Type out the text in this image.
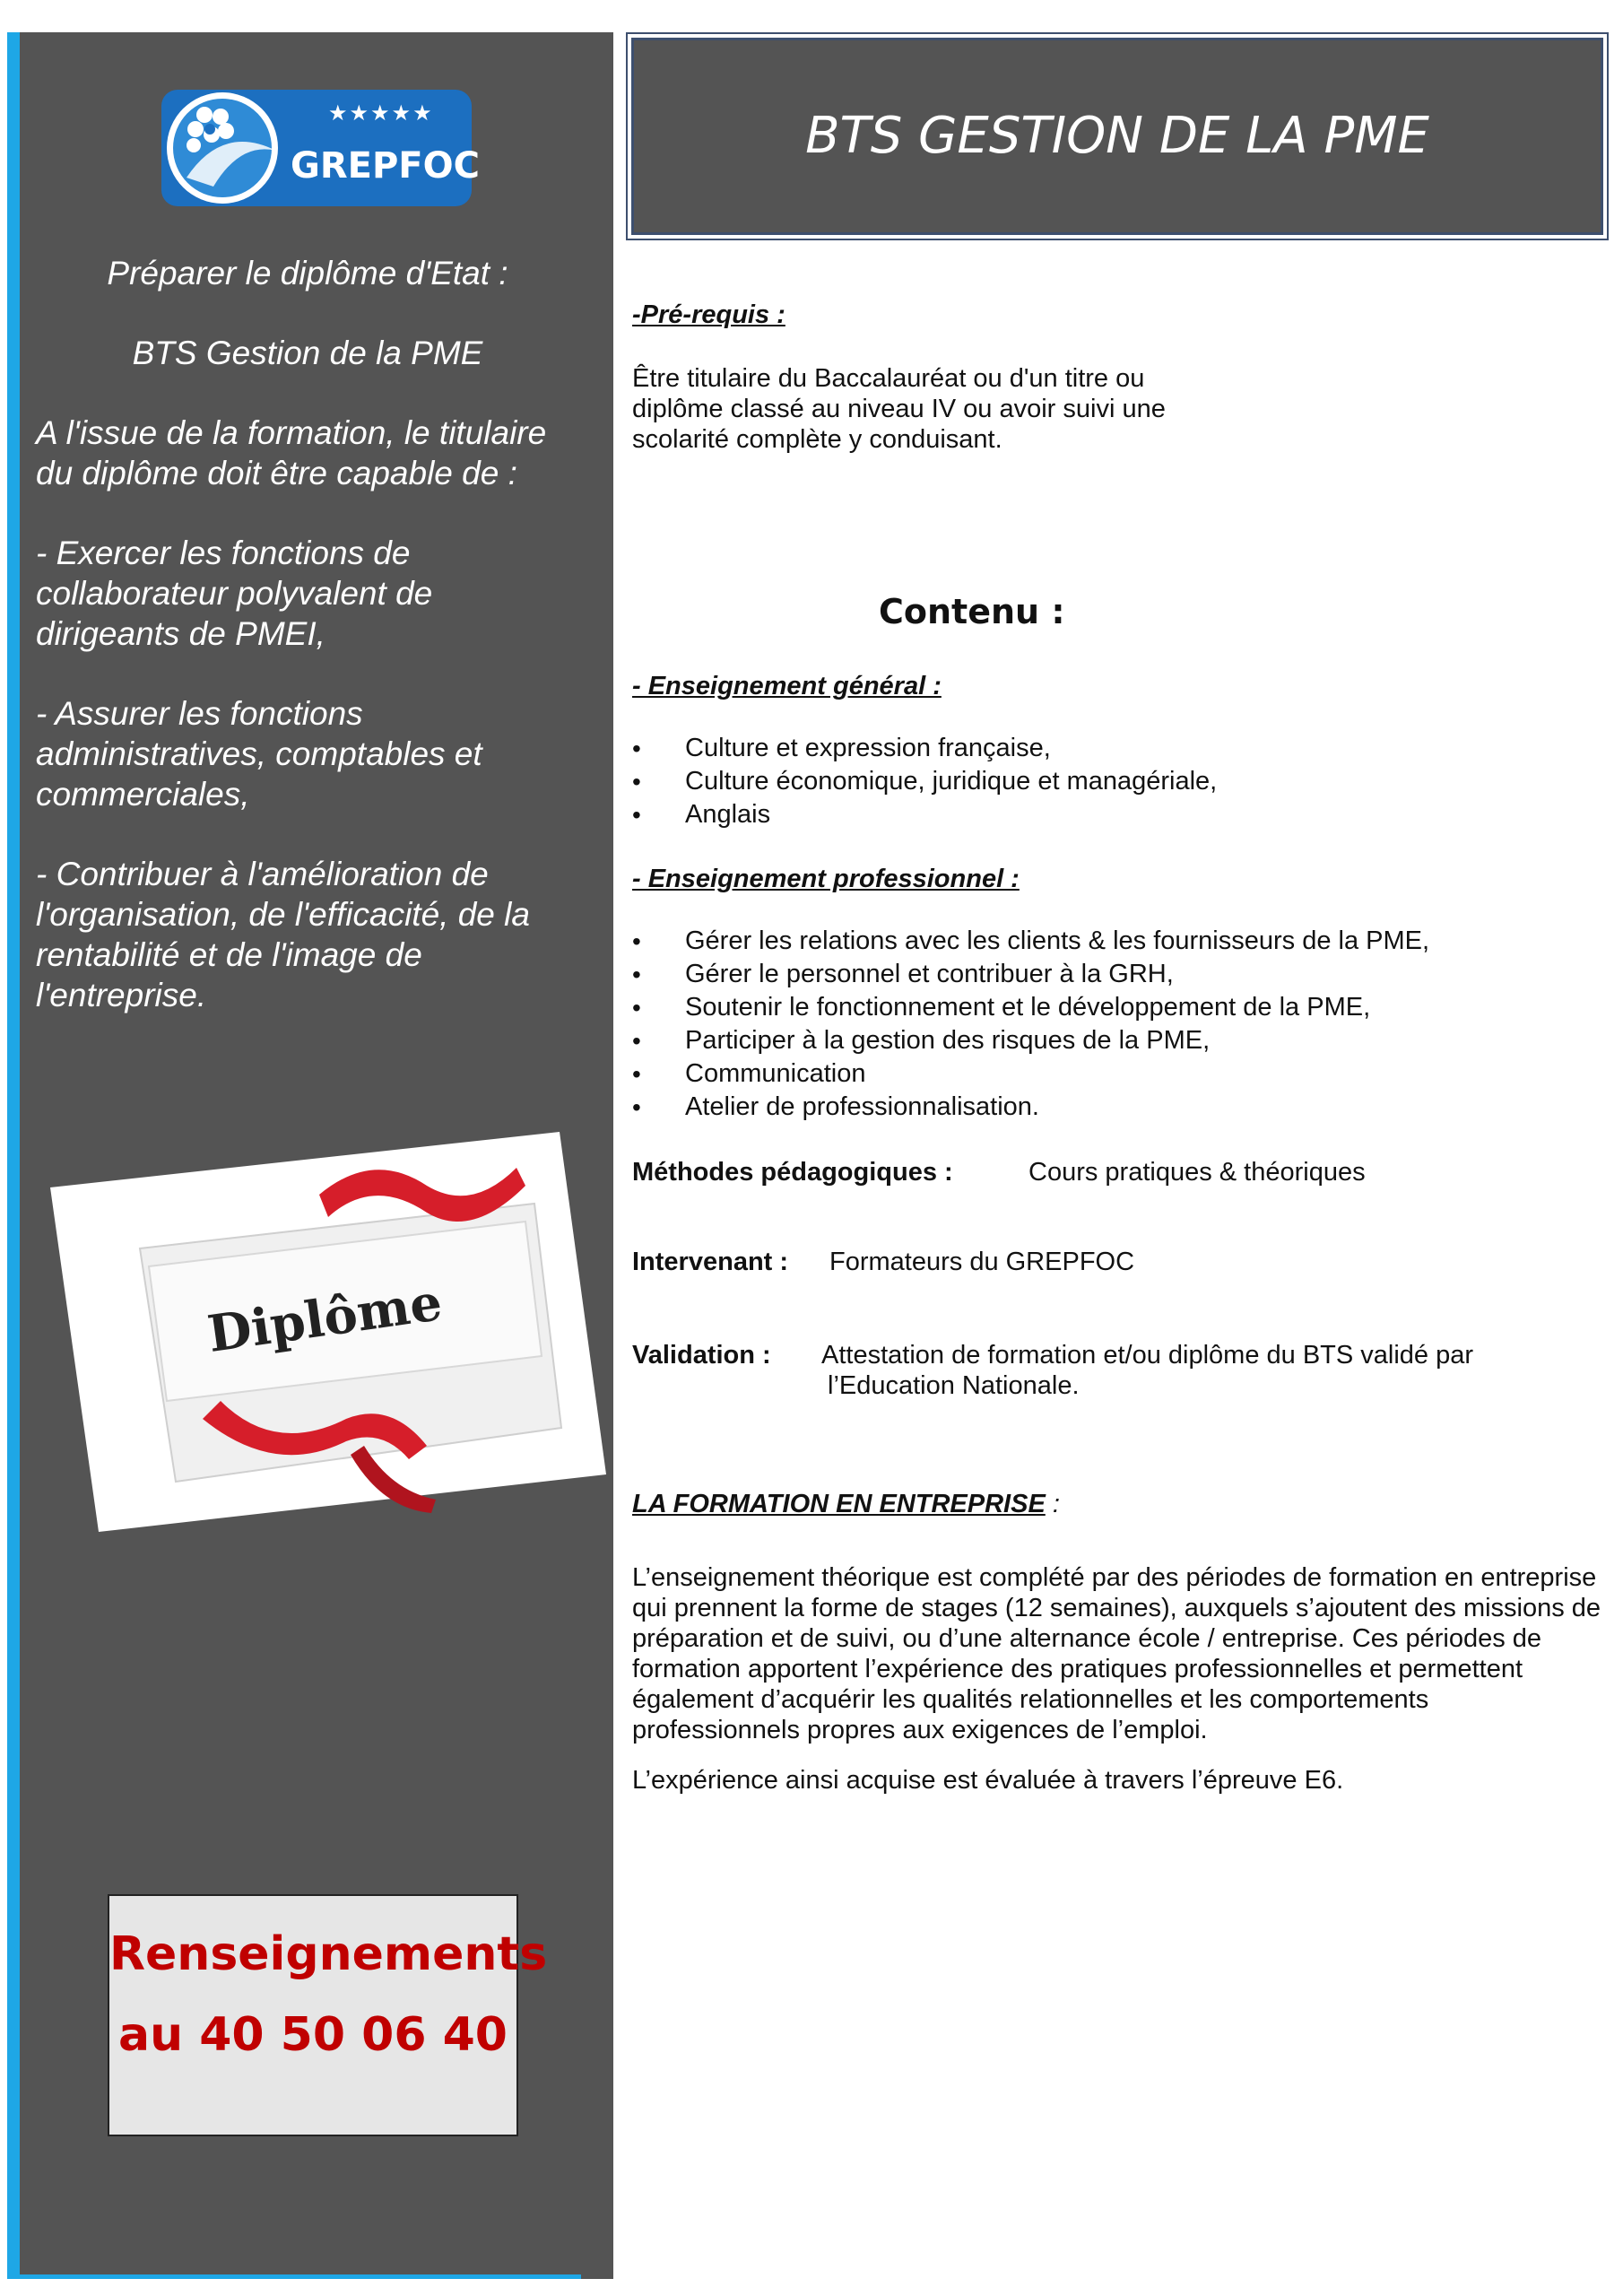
★★★★★
GREPFOC

Préparer le diplôme d'Etat :

BTS Gestion de la PME

A l'issue de la formation, le titulaire du diplôme doit être capable de :

- Exercer les fonctions de collaborateur polyvalent de dirigeants de PMEI,

- Assurer les fonctions administratives, comptables et commerciales,

- Contribuer à l'amélioration de l'organisation, de l'efficacité, de la rentabilité et de l'image de l'entreprise.

Diplôme
Renseignements
au 40 50 06 40
BTS GESTION DE LA PME

-Pré-requis :

Être titulaire du Baccalauréat ou d'un titre ou diplôme classé au niveau IV ou avoir suivi une scolarité complète y conduisant.

Contenu :

- Enseignement général :

• Culture et expression française,
• Culture économique, juridique et managériale,
• Anglais

- Enseignement professionnel :

• Gérer les relations avec les clients & les fournisseurs de la PME,
• Gérer le personnel et contribuer à la GRH,
• Soutenir le fonctionnement et le développement de la PME,
• Participer à la gestion des risques de la PME,
• Communication
• Atelier de professionnalisation.
Méthodes pédagogiques :	Cours pratiques & théoriques
Intervenant : Formateurs du GREPFOC
Validation : Attestation de formation et/ou diplôme du BTS validé par
l’Education Nationale.

LA FORMATION EN ENTREPRISE :

L’enseignement théorique est complété par des périodes de formation en entreprise qui prennent la forme de stages (12 semaines), auxquels s’ajoutent des missions de préparation et de suivi, ou d’une alternance école / entreprise. Ces périodes de formation apportent l’expérience des pratiques professionnelles et permettent également d’acquérir les qualités relationnelles et les comportements professionnels propres aux exigences de l’emploi.

L’expérience ainsi acquise est évaluée à travers l’épreuve E6.
